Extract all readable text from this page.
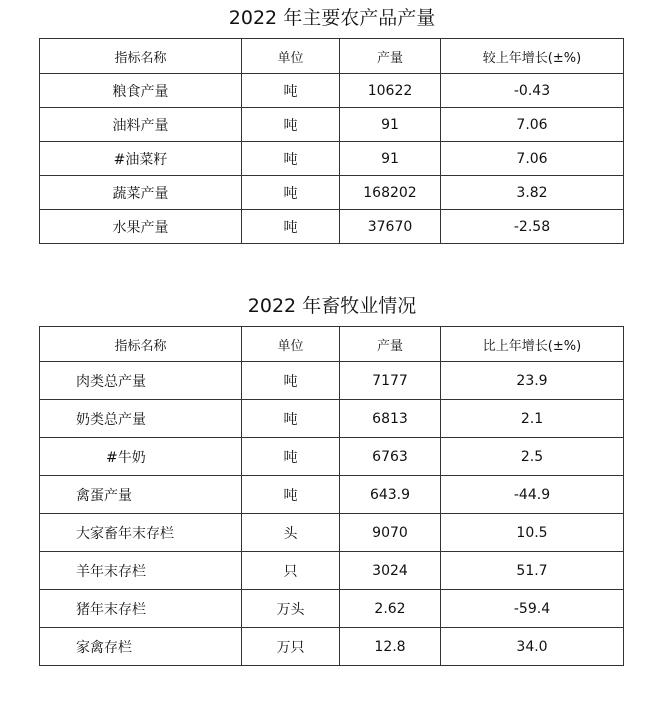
2022 年主要农产品产量
指标名称	单位	产量	较上年增长(±%)
粮食产量	吨	10622	-0.43
油料产量	吨	91	7.06
#油菜籽	吨	91	7.06
蔬菜产量	吨	168202	3.82
水果产量	吨	37670	-2.58
2022 年畜牧业情况
指标名称	单位	产量	比上年增长(±%)
肉类总产量	吨	7177	23.9
奶类总产量	吨	6813	2.1
#牛奶	吨	6763	2.5
禽蛋产量	吨	643.9	-44.9
大家畜年末存栏	头	9070	10.5
羊年末存栏	只	3024	51.7
猪年末存栏	万头	2.62	-59.4
家禽存栏	万只	12.8	34.0
